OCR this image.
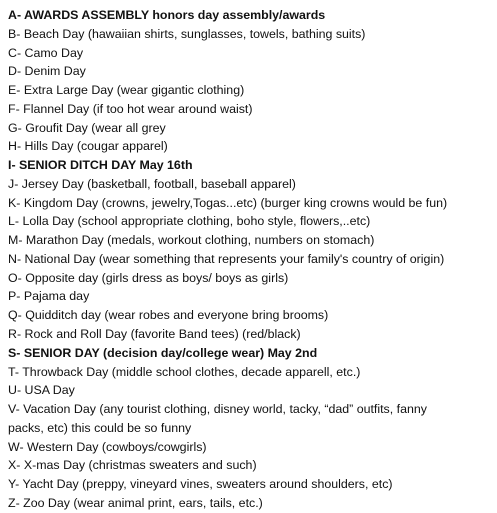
A- AWARDS ASSEMBLY honors day assembly/awards
B- Beach Day (hawaiian shirts, sunglasses, towels, bathing suits)
C- Camo Day
D- Denim Day
E- Extra Large Day (wear gigantic clothing)
F- Flannel Day (if too hot wear around waist)
G- Groufit Day (wear all grey
H- Hills Day (cougar apparel)
I- SENIOR DITCH DAY May 16th
J- Jersey Day (basketball, football, baseball apparel)
K- Kingdom Day (crowns, jewelry,Togas...etc) (burger king crowns would be fun)
L- Lolla Day (school appropriate clothing, boho style, flowers,..etc)
M- Marathon Day (medals, workout clothing, numbers on stomach)
N- National Day (wear something that represents your family's country of origin)
O- Opposite day (girls dress as boys/ boys as girls)
P- Pajama day
Q- Quidditch day (wear robes and everyone bring brooms)
R- Rock and Roll Day (favorite Band tees) (red/black)
S- SENIOR DAY (decision day/college wear) May 2nd
T- Throwback Day (middle school clothes, decade apparell, etc.)
U- USA Day
V- Vacation Day (any tourist clothing, disney world, tacky, “dad” outfits, fanny
packs, etc) this could be so funny
W- Western Day (cowboys/cowgirls)
X- X-mas Day (christmas sweaters and such)
Y- Yacht Day (preppy, vineyard vines, sweaters around shoulders, etc)
Z- Zoo Day (wear animal print, ears, tails, etc.)
